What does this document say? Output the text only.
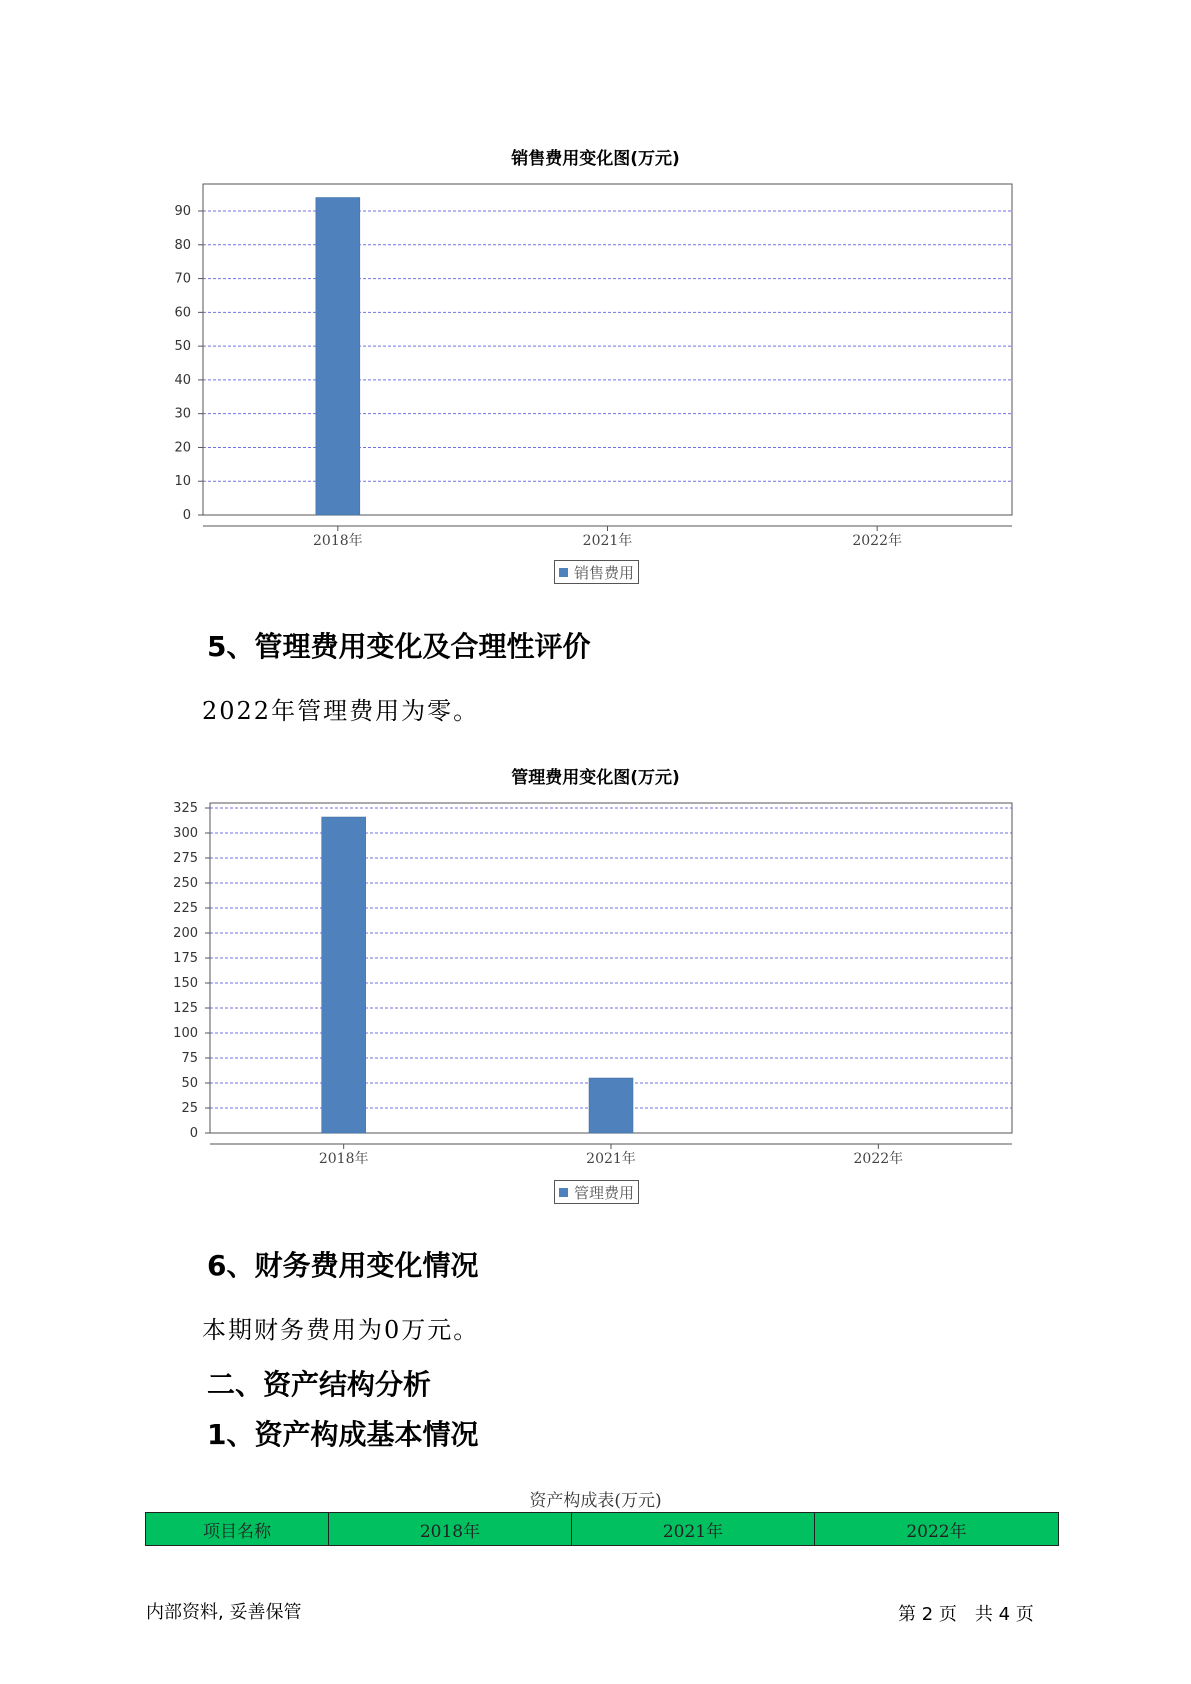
销售费用变化图(万元)
0
10
20
30
40
50
60
70
80
90
2018年	2021年	2022年
销售费用
5、管理费用变化及合理性评价
2022年管理费用为零。
管理费用变化图(万元)
0
25
50
75
100
125
150
175
200
225
250
275
300
325
2018年	2021年	2022年
管理费用
6、财务费用变化情况
本期财务费用为0万元。
二、资产结构分析
1、资产构成基本情况
资产构成表(万元)
项目名称	2018年	2021年	2022年
内部资料, 妥善保管	第 2 页　共 4 页
